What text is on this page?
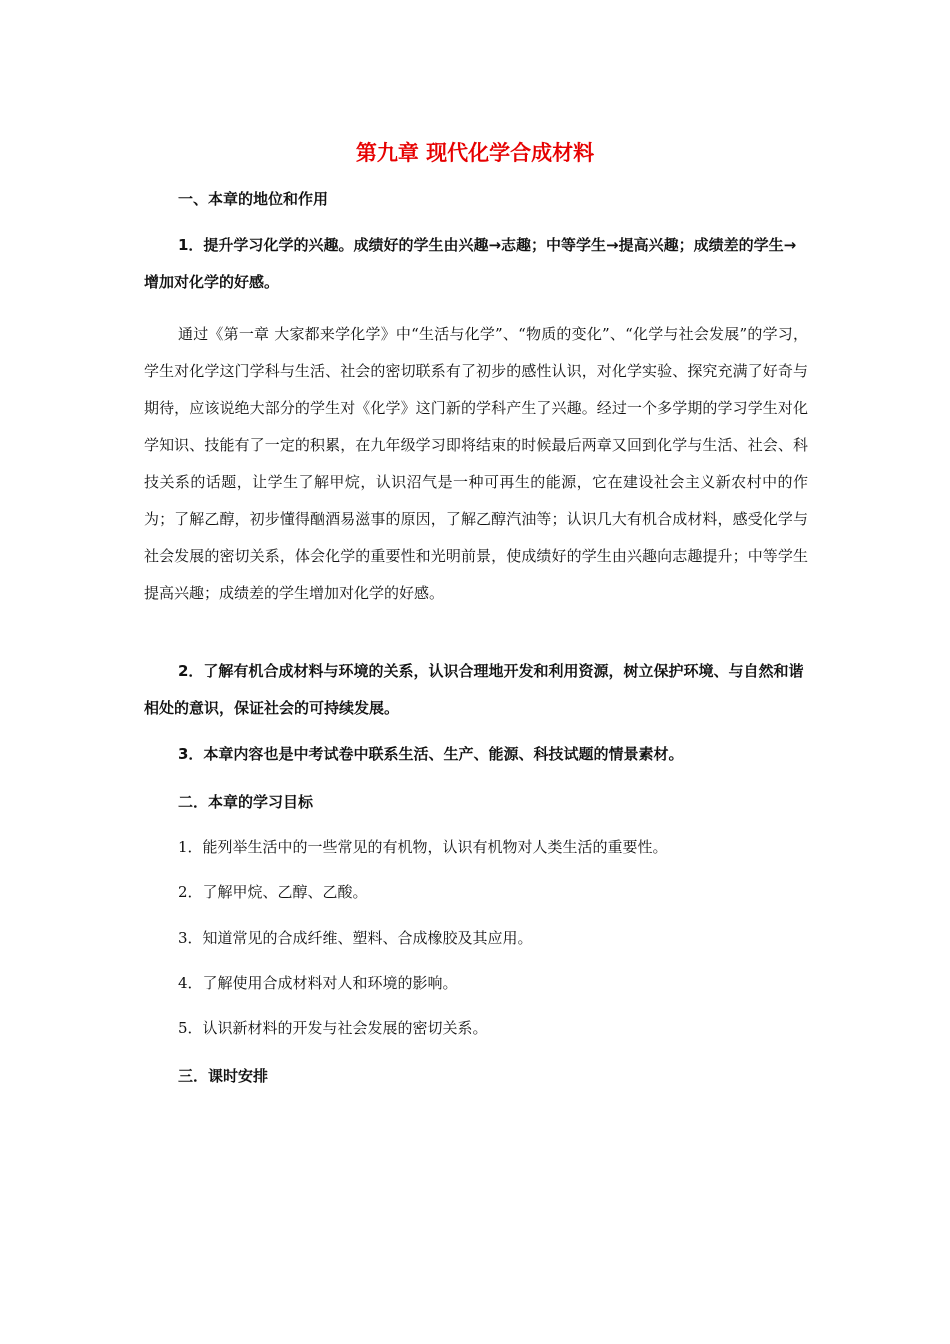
第九章 现代化学合成材料
一、本章的地位和作用

1．提升学习化学的兴趣。成绩好的学生由兴趣→志趣；中等学生→提高兴趣；成绩差的学生→增加对化学的好感。

通过《第一章 大家都来学化学》中“生活与化学”、“物质的变化”、“化学与社会发展”的学习，学生对化学这门学科与生活、社会的密切联系有了初步的感性认识，对化学实验、探究充满了好奇与期待，应该说绝大部分的学生对《化学》这门新的学科产生了兴趣。经过一个多学期的学习学生对化学知识、技能有了一定的积累，在九年级学习即将结束的时候最后两章又回到化学与生活、社会、科技关系的话题，让学生了解甲烷，认识沼气是一种可再生的能源，它在建设社会主义新农村中的作为；了解乙醇，初步懂得酗酒易滋事的原因，了解乙醇汽油等；认识几大有机合成材料，感受化学与社会发展的密切关系，体会化学的重要性和光明前景，使成绩好的学生由兴趣向志趣提升；中等学生提高兴趣；成绩差的学生增加对化学的好感。

2．了解有机合成材料与环境的关系，认识合理地开发和利用资源，树立保护环境、与自然和谐相处的意识，保证社会的可持续发展。

3．本章内容也是中考试卷中联系生活、生产、能源、科技试题的情景素材。

二．本章的学习目标

1．能列举生活中的一些常见的有机物，认识有机物对人类生活的重要性。

2．了解甲烷、乙醇、乙酸。

3．知道常见的合成纤维、塑料、合成橡胶及其应用。

4．了解使用合成材料对人和环境的影响。

5．认识新材料的开发与社会发展的密切关系。

三．课时安排
